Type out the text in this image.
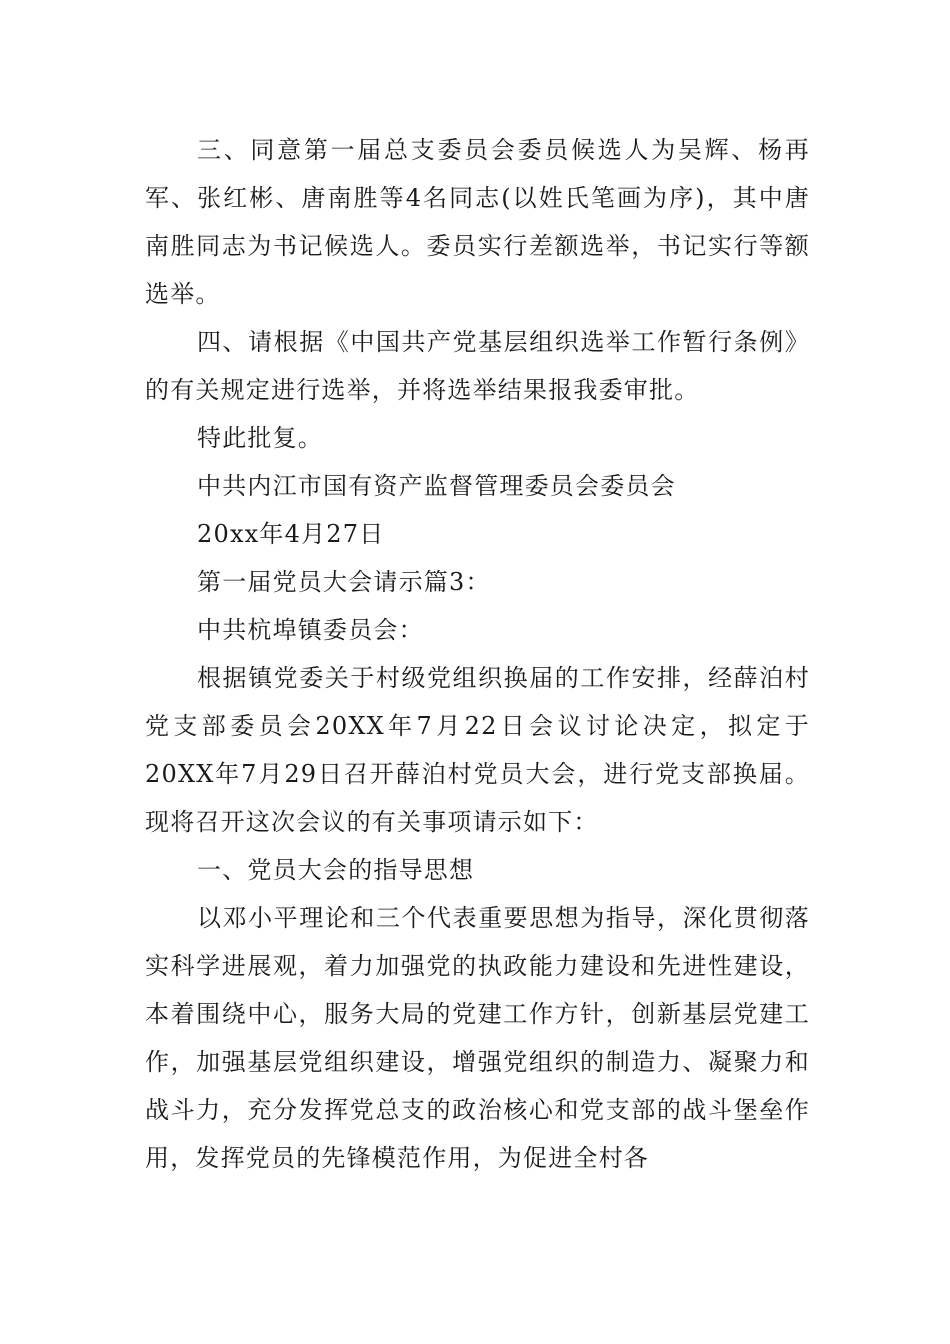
三、同意第一届总支委员会委员候选人为吴辉、杨再军、张红彬、唐南胜等4名同志(以姓氏笔画为序)，其中唐南胜同志为书记候选人。委员实行差额选举，书记实行等额选举。

四、请根据《中国共产党基层组织选举工作暂行条例》的有关规定进行选举，并将选举结果报我委审批。

特此批复。

中共内江市国有资产监督管理委员会委员会

20xx年4月27日

第一届党员大会请示篇3：

中共杭埠镇委员会：

根据镇党委关于村级党组织换届的工作安排，经薛泊村党支部委员会20XX年7月22日会议讨论决定，拟定于20XX年7月29日召开薛泊村党员大会，进行党支部换届。现将召开这次会议的有关事项请示如下：

一、党员大会的指导思想

以邓小平理论和三个代表重要思想为指导，深化贯彻落实科学进展观，着力加强党的执政能力建设和先进性建设，本着围绕中心，服务大局的党建工作方针，创新基层党建工作，加强基层党组织建设，增强党组织的制造力、凝聚力和战斗力，充分发挥党总支的政治核心和党支部的战斗堡垒作用，发挥党员的先锋模范作用，为促进全村各
